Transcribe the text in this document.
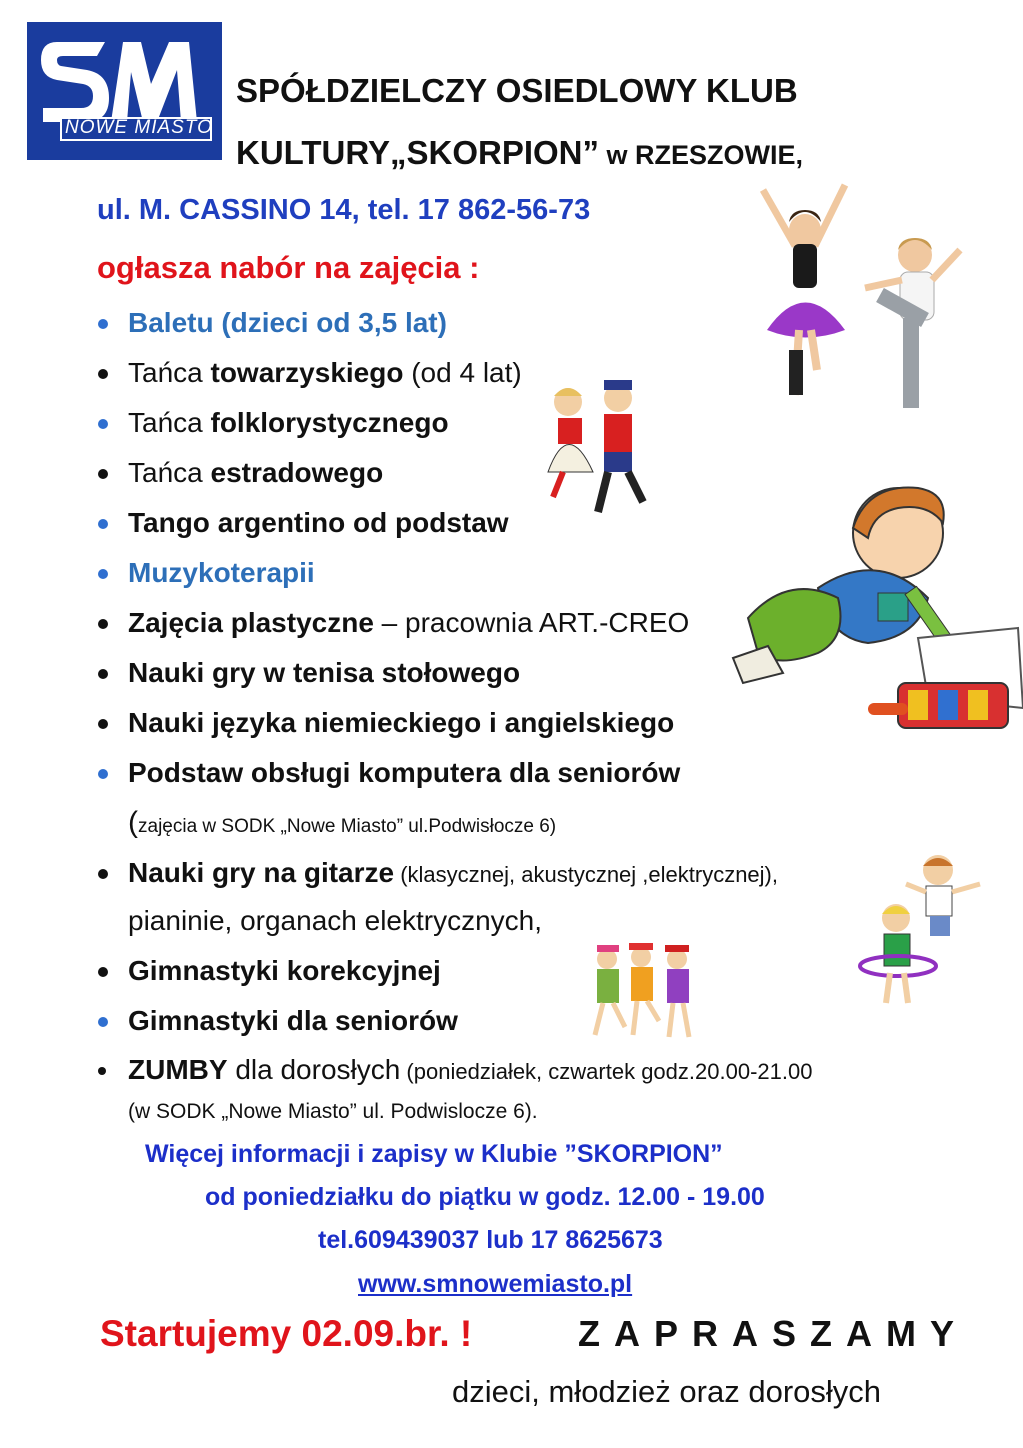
NOWE MIASTO
SPÓŁDZIELCZY OSIEDLOWY KLUB
KULTURY„SKORPION” w RZESZOWIE,
ul. M. CASSINO 14, tel. 17 862-56-73
ogłasza nabór na zajęcia :
Baletu (dzieci od 3,5 lat)
Tańca towarzyskiego (od 4 lat)
Tańca folklorystycznego
Tańca estradowego
Tango argentino od podstaw
Muzykoterapii
Zajęcia plastyczne – pracownia ART.-CREO
Nauki gry w tenisa stołowego
Nauki języka niemieckiego i angielskiego
Podstaw obsługi komputera dla seniorów
(zajęcia w SODK „Nowe Miasto” ul.Podwisłocze 6)
Nauki gry na gitarze (klasycznej, akustycznej ,elektrycznej),
pianinie, organach elektrycznych,
Gimnastyki korekcyjnej
Gimnastyki dla seniorów
ZUMBY dla dorosłych (poniedziałek, czwartek godz.20.00-21.00
(w SODK „Nowe Miasto” ul. Podwislocze 6).
Więcej informacji i zapisy w Klubie ”SKORPION”
od poniedziałku do piątku w godz. 12.00 - 19.00
tel.609439037 lub 17 8625673
www.smnowemiasto.pl
Startujemy 02.09.br. !	ZAPRASZAMY
dzieci, młodzież oraz dorosłych
